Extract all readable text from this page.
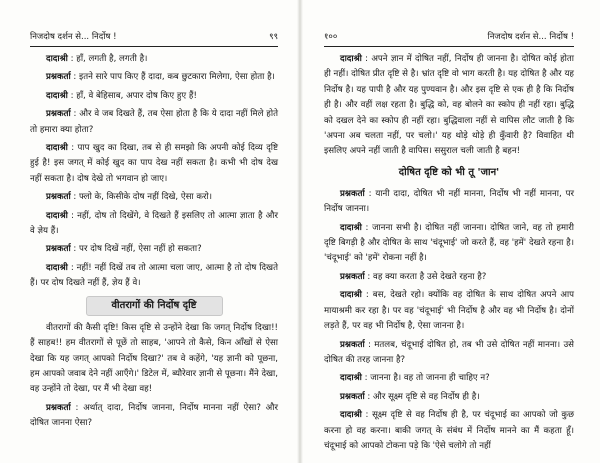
निजदोष दर्शन से... निर्दोष !	९९

दादाश्री : हाँ, लगती है, लगती है।

प्रश्नकर्ता : इतने सारे पाप किए हैं दादा, कब छुटकारा मिलेगा, ऐसा होता है।

दादाश्री : हाँ, वे बेहिसाब, अपार दोष किए हुए हैं!

प्रश्नकर्ता : और वे जब दिखते हैं, तब ऐसा होता है कि ये दादा नहीं मिले होते तो हमारा क्या होता?

दादाश्री : पाप खुद का दिखा, तब से ही समझो कि अपनी कोई दिव्य दृष्टि हुई है! इस जगत् में कोई खुद का पाप देख नहीं सकता है। कभी भी दोष देख नहीं सकता है। दोष देखे तो भगवान हो जाए।

प्रश्नकर्ता : फ्लो के, किसीके दोष नहीं दिखे, ऐसा करो।

दादाश्री : नहीं, दोष तो दिखेंगे, वे दिखते हैं इसलिए तो आत्मा ज्ञाता है और वे ज्ञेय हैं।

प्रश्नकर्ता : पर दोष दिखें नहीं, ऐसा नहीं हो सकता?

दादाश्री : नहीं! नहीं दिखें तब तो आत्मा चला जाए, आत्मा है तो दोष दिखते हैं। पर दोष दिखते नहीं हैं, ज्ञेय हैं वे।

वीतरागों की निर्दोष दृष्टि

वीतरागों की कैसी दृष्टि! किस दृष्टि से उन्होंने देखा कि जगत् निर्दोष दिखा!! हैं साहब!! हम वीतरागों से पूछें तो साहब, 'आपने तो कैसे, किन आँखों से ऐसा देखा कि यह जगत् आपको निर्दोष दिखा?' तब वे कहेंगे, 'यह ज्ञानी को पूछना, हम आपको जवाब देने नहीं आएँगे।' डिटेल में, ब्यौरेवार ज्ञानी से पूछना। मैंने देखा, वह उन्होंने तो देखा, पर मैं भी देखा वह!

प्रश्नकर्ता : अर्थात् दादा, निर्दोष जानना, निर्दोष मानना नहीं ऐसा? और दोषित जानना ऐसा?

१००	निजदोष दर्शन से... निर्दोष !

दादाश्री : अपने ज्ञान में दोषित नहीं, निर्दोष ही जानना है। दोषित कोई होता ही नहीं। दोषित प्रीत दृष्टि से है। भ्रांत दृष्टि वो भाग करती है। यह दोषित है और यह निर्दोष है। यह पापी है और यह पुण्यवान है। और इस दृष्टि से एक ही है कि निर्दोष ही है। और वहीं लक्ष रहता है। बुद्धि को, वह बोलने का स्कोप ही नहीं रहा। बुद्धि को दखल देने का स्कोप ही नहीं रहा। बुद्धिवाला नहीं से वापिस लौट जाती है कि 'अपना अब चलता नहीं, पर चलो।' यह थोड़े थोड़े ही कुँवारी है? विवाहित थी इसलिए अपने नहीं जाती है वापिस। ससुराल चली जाती है बहन!

दोषित दृष्टि को भी तू 'जान'

प्रश्नकर्ता : यानी दादा, दोषित भी नहीं मानना, निर्दोष भी नहीं मानना, पर निर्दोष जानना।

दादाश्री : जानना सभी है। दोषित नहीं जानना। दोषित जाने, वह तो हमारी दृष्टि बिगड़ी है और दोषित के साथ 'चंदूभाई' जो करते हैं, वह 'हमें' देखते रहना है। 'चंदूभाई' को 'हमें' रोकना नहीं है।

प्रश्नकर्ता : वह क्या करता है उसे देखते रहना है?

दादाश्री : बस, देखते रहो। क्योंकि वह दोषित के साथ दोषित अपने आप मायाश्रमी कर रहा है। पर वह 'चंदूभाई' भी निर्दोष है और वह भी निर्दोष है। दोनों लड़ते हैं, पर वह भी निर्दोष है, ऐसा जानना है।

प्रश्नकर्ता : मतलब, चंदूभाई दोषित हो, तब भी उसे दोषित नहीं मानना। उसे दोषित की तरह जानना है?

दादाश्री : जानना है। वह तो जानना ही चाहिए न?

प्रश्नकर्ता : और सूक्ष्म दृष्टि से वह निर्दोष ही है।

दादाश्री : सूक्ष्म दृष्टि से वह निर्दोष ही है, पर चंदूभाई का आपको जो कुछ करना हो वह करना। बाकी जगत् के संबंध में निर्दोष मानने का मैं कहता हूँ। चंदूभाई को आपको टोकना पड़े कि 'ऐसे चलोगे तो नहीं
